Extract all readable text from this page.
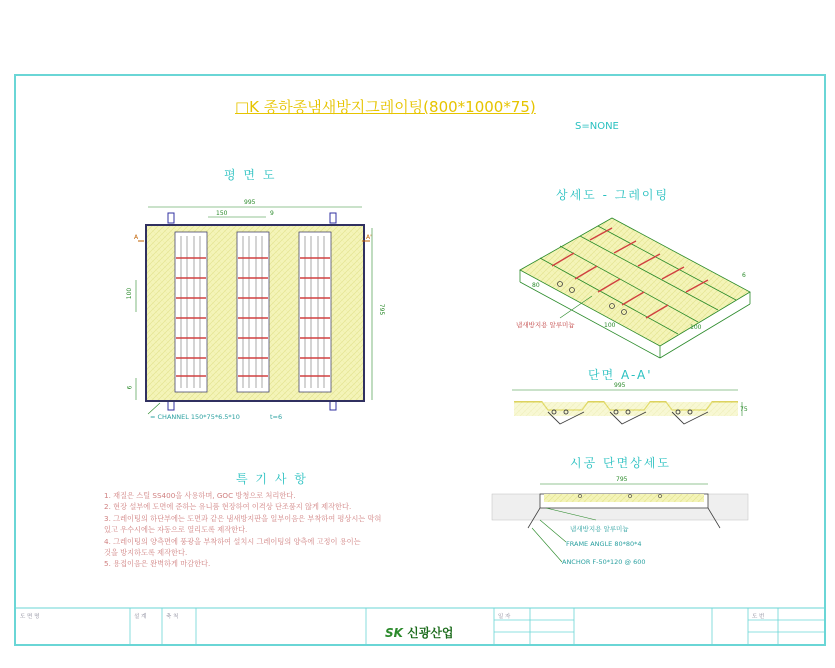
□K 종하종냄새방지그레이팅(800*1000*75)
S=NONE
평 면 도
995
150	9
795
100
6
A	A'
= CHANNEL 150*75*6.5*10	t=6
상세도 - 그레이팅
냄새방지용 알루미늄
80
100	100
6
단면 A-A'
995
75
시공 단면상세도
795
냄새방지용 알루미늄
FRAME ANGLE 80*80*4
ANCHOR F-50*120 @ 600
특 기 사 항
1. 재질은 스틸 SS400을 사용하며, GOC 방청으로 처리한다.
2. 현장 설부에 도면에 준하는 유니품 현장하여 이격상 단조품지 않게 제작한다.
3. 그레이팅의 하단부에는 도면과 같은 냄새방지판을 일부이음은 부착하여 평상시는 막혀
있고 우수시에는 자동으로 열리도록 제작한다.
4. 그레이팅의 양측면에 풍광을 부착하여 설치시 그레이팅의 양측에 고정이 용이는
것을 방지하도록 제작한다.
5. 용접이음은 완벽하게 마감한다.
도 면 명	설 계	축 척	일 자	도 번
SK 신광산업
